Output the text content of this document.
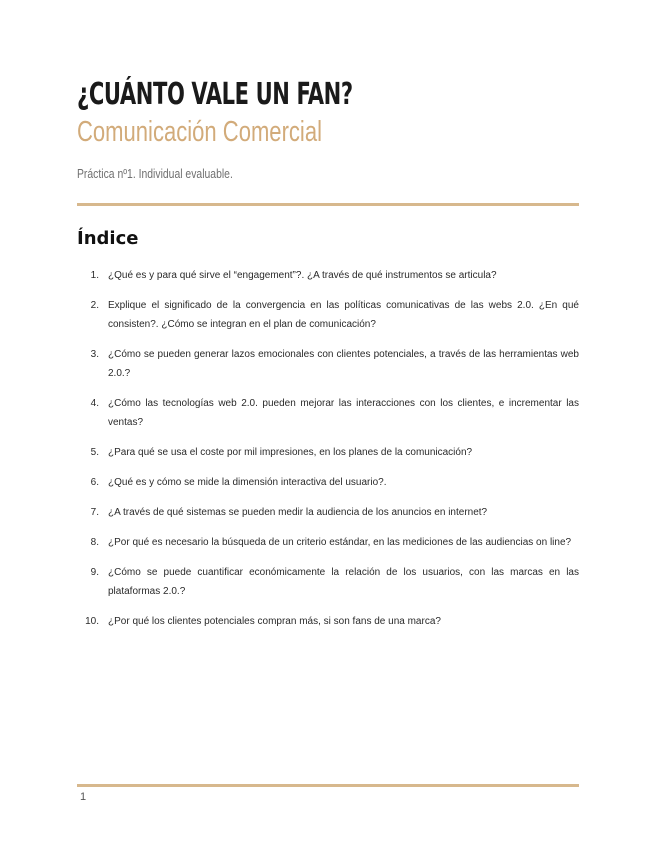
¿CUÁNTO VALE UN FAN?
Comunicación Comercial
Práctica nº1. Individual evaluable.
Índice
1. ¿Qué es y para qué sirve el “engagement”?. ¿A través de qué instrumentos se articula?
2. Explique el significado de la convergencia en las políticas comunicativas de las webs 2.0. ¿En qué consisten?. ¿Cómo se integran en el plan de comunicación?
3. ¿Cómo se pueden generar lazos emocionales con clientes potenciales, a través de las herramientas web 2.0.?
4. ¿Cómo las tecnologías web 2.0. pueden mejorar las interacciones con los clientes, e incrementar las ventas?
5. ¿Para qué se usa el coste por mil impresiones, en los planes de la comunicación?
6. ¿Qué es y cómo se mide la dimensión interactiva del usuario?.
7. ¿A través de qué sistemas se pueden medir la audiencia de los anuncios en internet?
8. ¿Por qué es necesario la búsqueda de un criterio estándar, en las mediciones de las audiencias on line?
9. ¿Cómo se puede cuantificar económicamente la relación de los usuarios, con las marcas en las plataformas 2.0.?
10. ¿Por qué los clientes potenciales compran más, si son fans de una marca?
1
